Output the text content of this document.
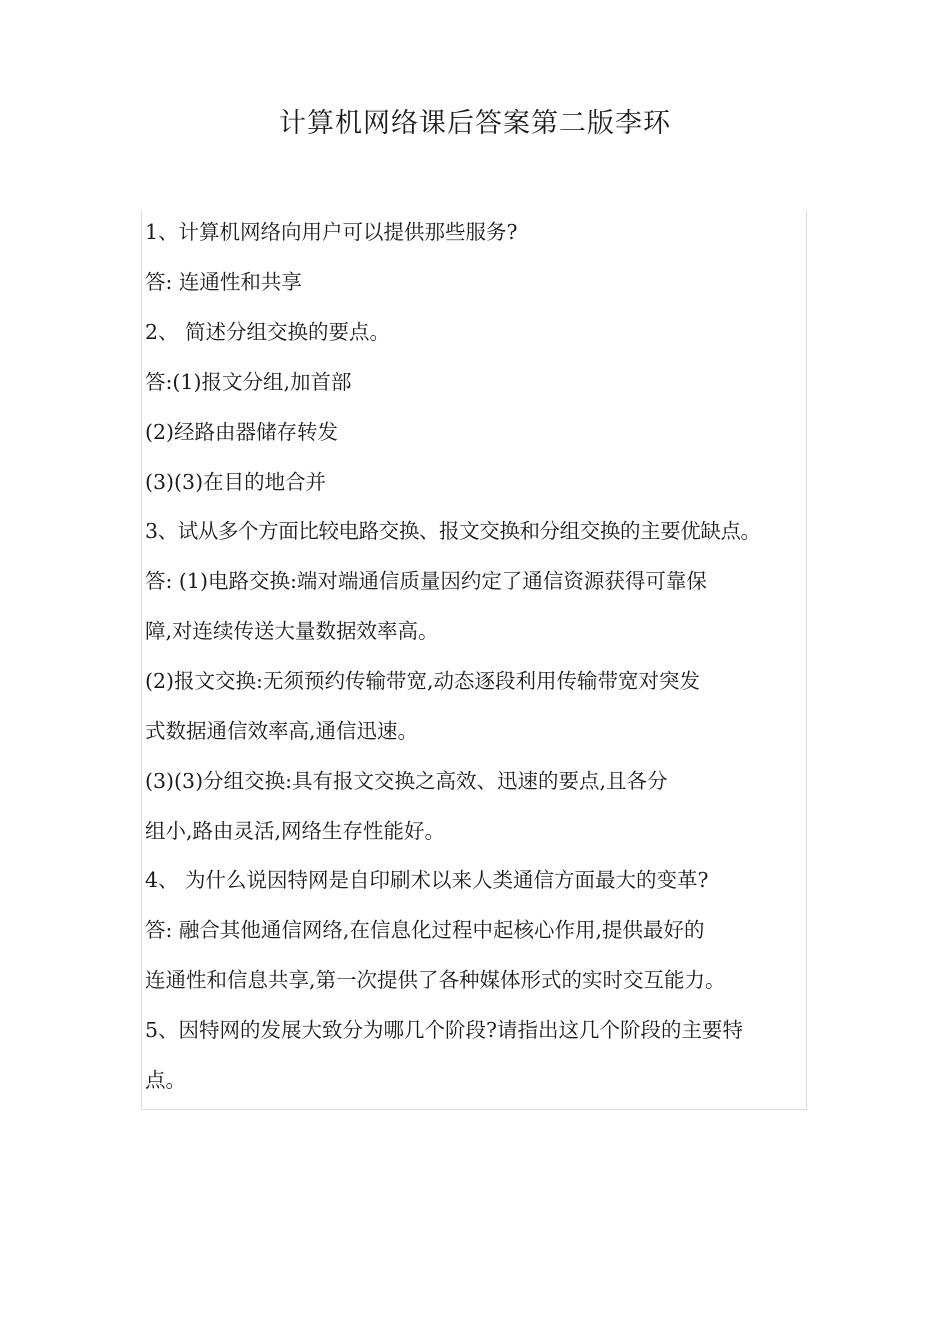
计算机网络课后答案第二版李环
1、计算机网络向用户可以提供那些服务?
答: 连通性和共享
2、 简述分组交换的要点。
答:(1)报文分组,加首部
(2)经路由器储存转发
(3)(3)在目的地合并
3、试从多个方面比较电路交换、报文交换和分组交换的主要优缺点。
答: (1)电路交换:端对端通信质量因约定了通信资源获得可靠保
障,对连续传送大量数据效率高。
(2)报文交换:无须预约传输带宽,动态逐段利用传输带宽对突发
式数据通信效率高,通信迅速。
(3)(3)分组交换:具有报文交换之高效、迅速的要点,且各分
组小,路由灵活,网络生存性能好。
4、 为什么说因特网是自印刷术以来人类通信方面最大的变革?
答: 融合其他通信网络,在信息化过程中起核心作用,提供最好的
连通性和信息共享,第一次提供了各种媒体形式的实时交互能力。
5、因特网的发展大致分为哪几个阶段?请指出这几个阶段的主要特
点。
